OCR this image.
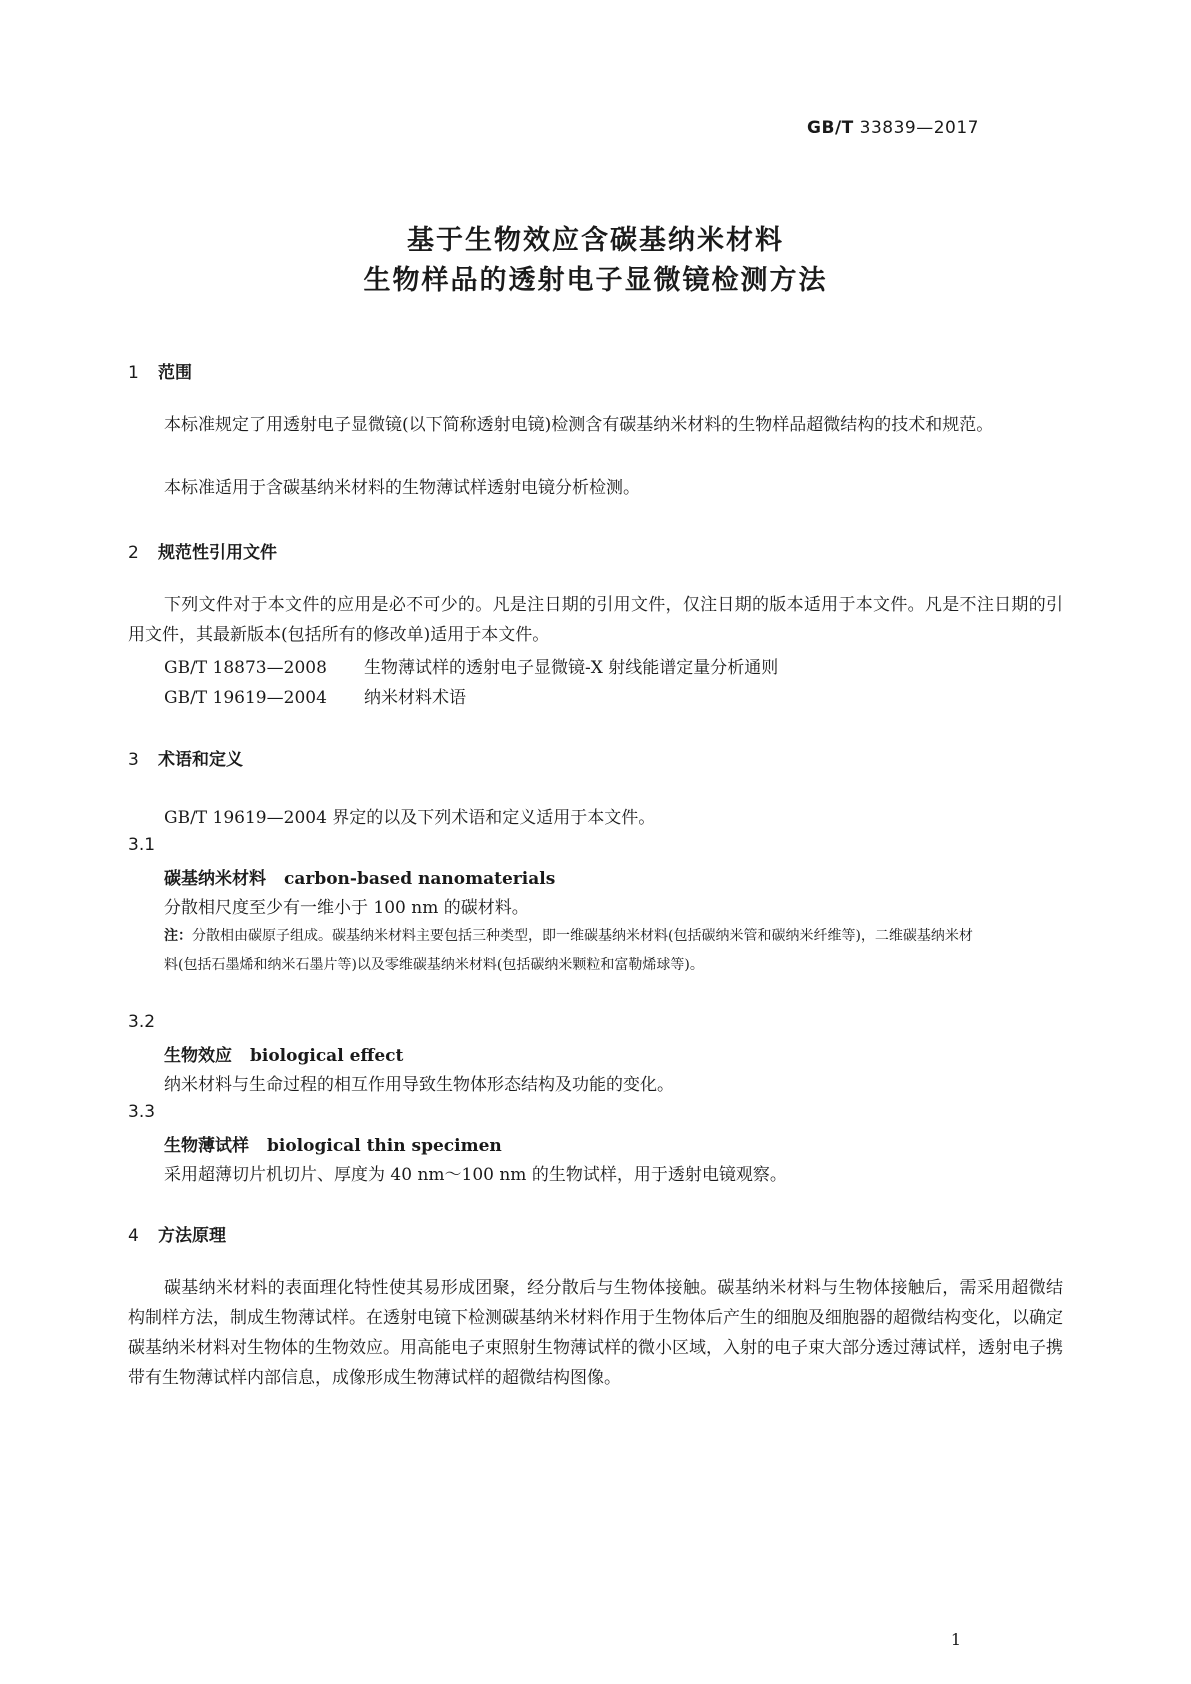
GB/T 33839—2017
基于生物效应含碳基纳米材料
生物样品的透射电子显微镜检测方法
1 范围
本标准规定了用透射电子显微镜(以下简称透射电镜)检测含有碳基纳米材料的生物样品超微结构的技术和规范。
本标准适用于含碳基纳米材料的生物薄试样透射电镜分析检测。
2 规范性引用文件
下列文件对于本文件的应用是必不可少的。凡是注日期的引用文件，仅注日期的版本适用于本文件。凡是不注日期的引用文件，其最新版本(包括所有的修改单)适用于本文件。
GB/T 18873—2008 生物薄试样的透射电子显微镜-X 射线能谱定量分析通则
GB/T 19619—2004 纳米材料术语
3 术语和定义
GB/T 19619—2004 界定的以及下列术语和定义适用于本文件。
3.1
碳基纳米材料 carbon-based nanomaterials
分散相尺度至少有一维小于 100 nm 的碳材料。
注：分散相由碳原子组成。碳基纳米材料主要包括三种类型，即一维碳基纳米材料(包括碳纳米管和碳纳米纤维等)，二维碳基纳米材料(包括石墨烯和纳米石墨片等)以及零维碳基纳米材料(包括碳纳米颗粒和富勒烯球等)。
3.2
生物效应 biological effect
纳米材料与生命过程的相互作用导致生物体形态结构及功能的变化。
3.3
生物薄试样 biological thin specimen
采用超薄切片机切片、厚度为 40 nm～100 nm 的生物试样，用于透射电镜观察。
4 方法原理
碳基纳米材料的表面理化特性使其易形成团聚，经分散后与生物体接触。碳基纳米材料与生物体接触后，需采用超微结构制样方法，制成生物薄试样。在透射电镜下检测碳基纳米材料作用于生物体后产生的细胞及细胞器的超微结构变化，以确定碳基纳米材料对生物体的生物效应。用高能电子束照射生物薄试样的微小区域，入射的电子束大部分透过薄试样，透射电子携带有生物薄试样内部信息，成像形成生物薄试样的超微结构图像。
1
